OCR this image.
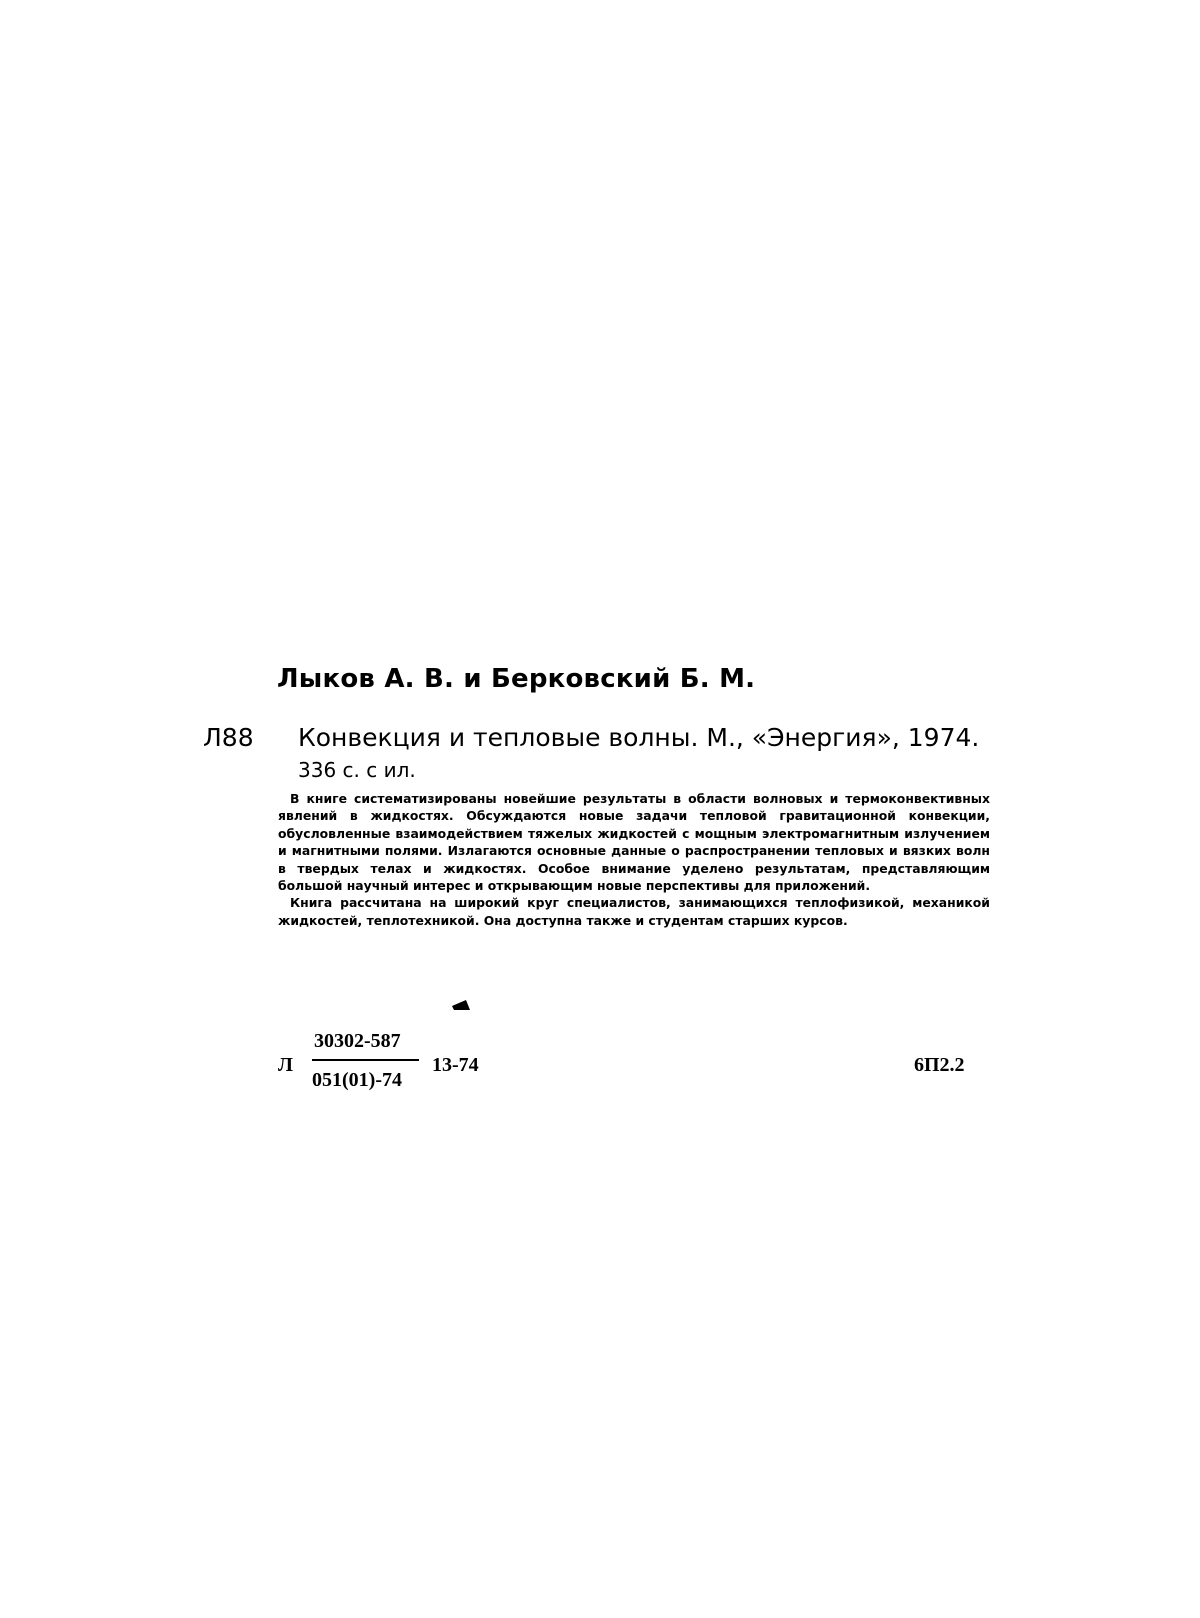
Лыков А. В. и Берковский Б. М.
Л88 Конвекция и тепловые волны. М., «Энергия», 1974.
336 с. с ил.

В книге систематизированы новейшие результаты в области волновых и термоконвективных явлений в жидкостях. Обсуждаются новые задачи тепловой гравитационной конвекции, обусловленные взаимодействием тяжелых жидкостей с мощным электромагнитным излучением и магнитными полями. Излагаются основные данные о распространении тепловых и вязких волн в твердых телах и жидкостях. Особое внимание уделено результатам, представляющим большой научный интерес и открывающим новые перспективы для приложений.

Книга рассчитана на широкий круг специалистов, занимающихся теплофизикой, механикой жидкостей, теплотехникой. Она доступна также и студентам старших курсов.

Л
30302-587
051(01)-74
13-74	6П2.2
